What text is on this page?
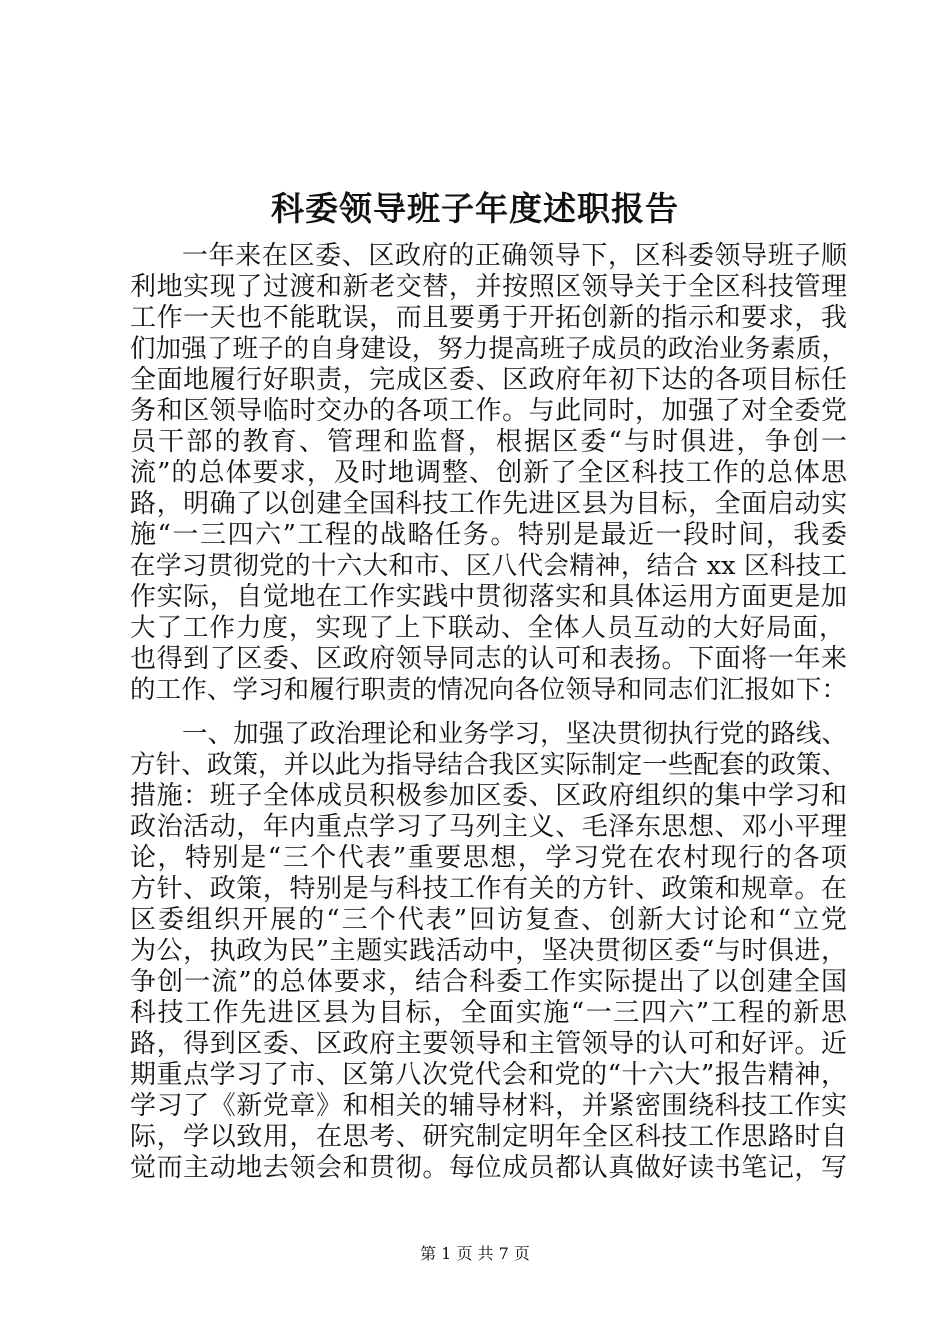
科委领导班子年度述职报告

一年来在区委、区政府的正确领导下，区科委领导班子顺

利地实现了过渡和新老交替，并按照区领导关于全区科技管理

工作一天也不能耽误，而且要勇于开拓创新的指示和要求，我

们加强了班子的自身建设，努力提高班子成员的政治业务素质，

全面地履行好职责，完成区委、区政府年初下达的各项目标任

务和区领导临时交办的各项工作。与此同时，加强了对全委党

员干部的教育、管理和监督，根据区委“与时俱进，争创一

流”的总体要求，及时地调整、创新了全区科技工作的总体思

路，明确了以创建全国科技工作先进区县为目标，全面启动实

施“一三四六”工程的战略任务。特别是最近一段时间，我委

在学习贯彻党的十六大和市、区八代会精神，结合 xx 区科技工

作实际，自觉地在工作实践中贯彻落实和具体运用方面更是加

大了工作力度，实现了上下联动、全体人员互动的大好局面，

也得到了区委、区政府领导同志的认可和表扬。下面将一年来

的工作、学习和履行职责的情况向各位领导和同志们汇报如下：

一、加强了政治理论和业务学习，坚决贯彻执行党的路线、

方针、政策，并以此为指导结合我区实际制定一些配套的政策、

措施：班子全体成员积极参加区委、区政府组织的集中学习和

政治活动，年内重点学习了马列主义、毛泽东思想、邓小平理

论，特别是“三个代表”重要思想，学习党在农村现行的各项

方针、政策，特别是与科技工作有关的方针、政策和规章。在

区委组织开展的“三个代表”回访复查、创新大讨论和“立党

为公，执政为民”主题实践活动中，坚决贯彻区委“与时俱进，

争创一流”的总体要求，结合科委工作实际提出了以创建全国

科技工作先进区县为目标，全面实施“一三四六”工程的新思

路，得到区委、区政府主要领导和主管领导的认可和好评。近

期重点学习了市、区第八次党代会和党的“十六大”报告精神，

学习了《新党章》和相关的辅导材料，并紧密围绕科技工作实

际，学以致用，在思考、研究制定明年全区科技工作思路时自

觉而主动地去领会和贯彻。每位成员都认真做好读书笔记，写

第 1 页 共 7 页
